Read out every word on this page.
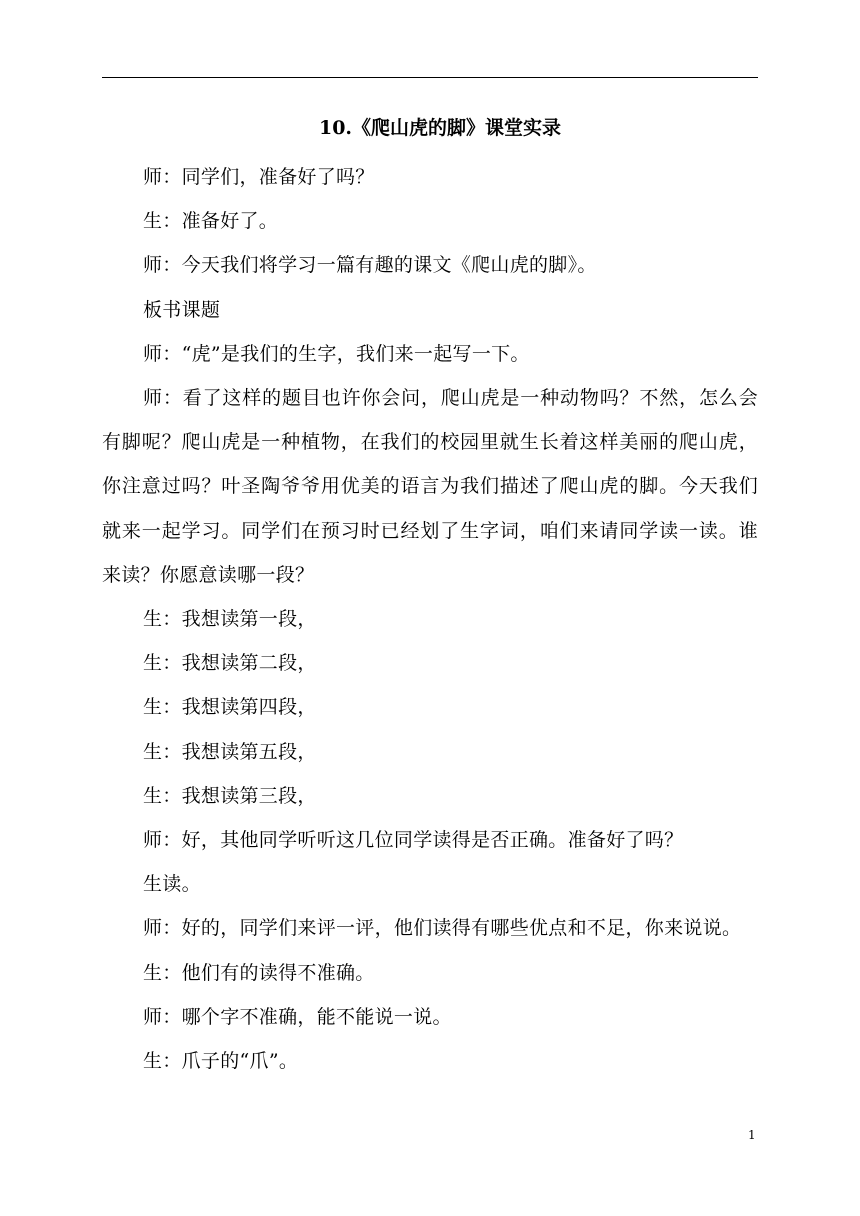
10.《爬山虎的脚》课堂实录

师：同学们，准备好了吗？

生：准备好了。

师：今天我们将学习一篇有趣的课文《爬山虎的脚》。

板书课题

师：“虎”是我们的生字，我们来一起写一下。

师：看了这样的题目也许你会问，爬山虎是一种动物吗？不然，怎么会有脚呢？爬山虎是一种植物，在我们的校园里就生长着这样美丽的爬山虎，你注意过吗？叶圣陶爷爷用优美的语言为我们描述了爬山虎的脚。今天我们就来一起学习。同学们在预习时已经划了生字词，咱们来请同学读一读。谁来读？你愿意读哪一段？

生：我想读第一段，

生：我想读第二段，

生：我想读第四段，

生：我想读第五段，

生：我想读第三段，

师：好，其他同学听听这几位同学读得是否正确。准备好了吗？

生读。

师：好的，同学们来评一评，他们读得有哪些优点和不足，你来说说。

生：他们有的读得不准确。

师：哪个字不准确，能不能说一说。

生：爪子的“爪”。

1
